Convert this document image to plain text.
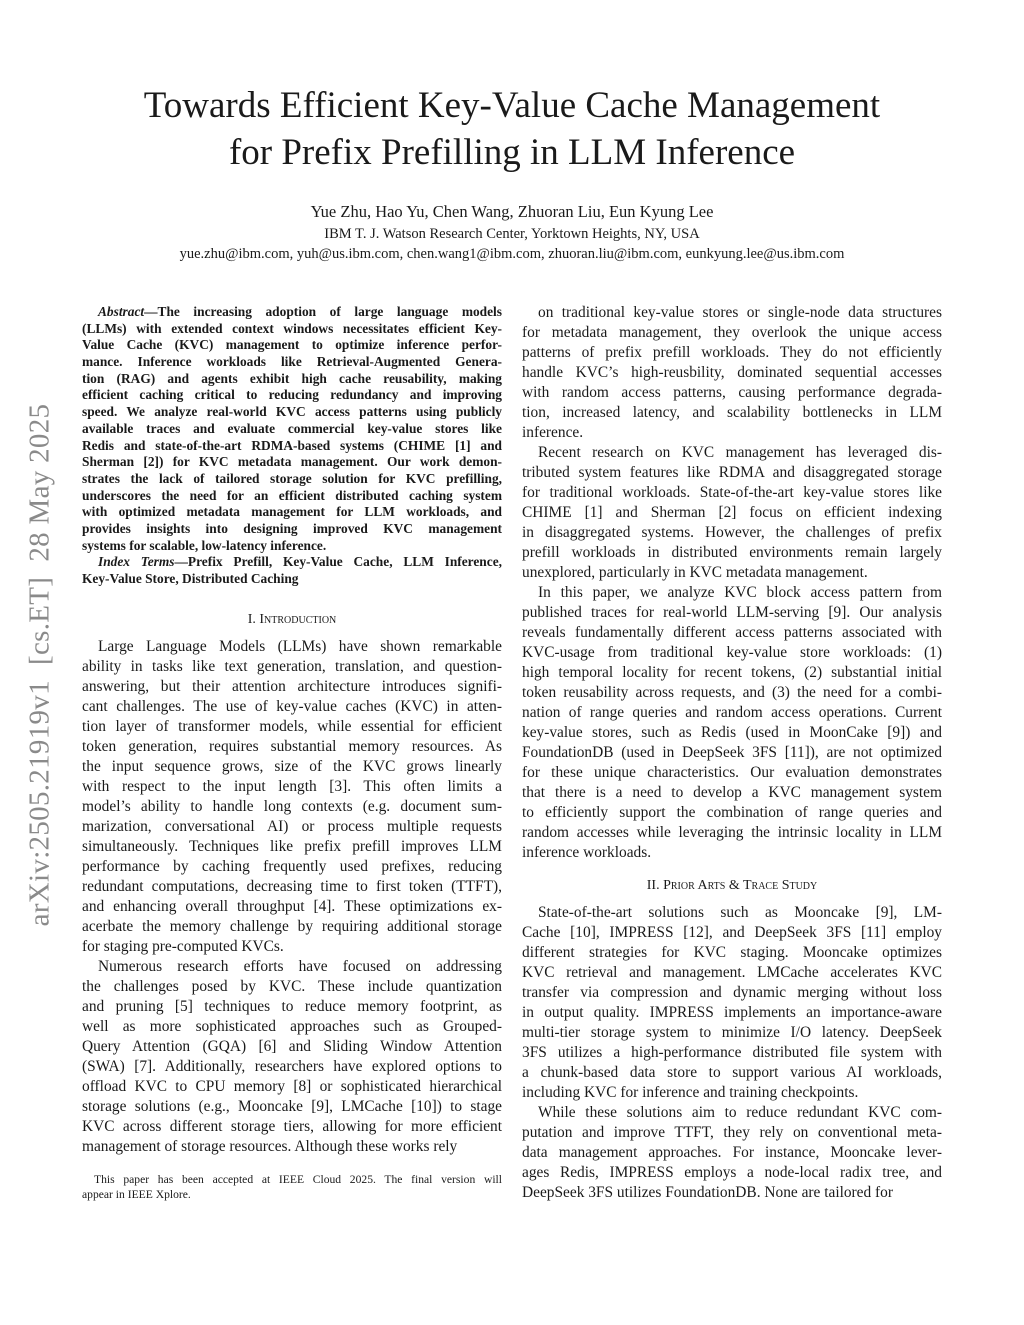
Towards Efficient Key-Value Cache Management
for Prefix Prefilling in LLM Inference
Yue Zhu, Hao Yu, Chen Wang, Zhuoran Liu, Eun Kyung Lee
IBM T. J. Watson Research Center, Yorktown Heights, NY, USA
yue.zhu@ibm.com, yuh@us.ibm.com, chen.wang1@ibm.com, zhuoran.liu@ibm.com, eunkyung.lee@us.ibm.com
arXiv:2505.21919v1  [cs.ET]  28 May 2025
Abstract—The increasing adoption of large language models
(LLMs) with extended context windows necessitates efficient Key-
Value Cache (KVC) management to optimize inference perfor-
mance. Inference workloads like Retrieval-Augmented Genera-
tion (RAG) and agents exhibit high cache reusability, making
efficient caching critical to reducing redundancy and improving
speed. We analyze real-world KVC access patterns using publicly
available traces and evaluate commercial key-value stores like
Redis and state-of-the-art RDMA-based systems (CHIME [1] and
Sherman [2]) for KVC metadata management. Our work demon-
strates the lack of tailored storage solution for KVC prefilling,
underscores the need for an efficient distributed caching system
with optimized metadata management for LLM workloads, and
provides insights into designing improved KVC management
systems for scalable, low-latency inference.
Index Terms—Prefix Prefill, Key-Value Cache, LLM Inference,
Key-Value Store, Distributed Caching
I. Introduction
Large Language Models (LLMs) have shown remarkable
ability in tasks like text generation, translation, and question-
answering, but their attention architecture introduces signifi-
cant challenges. The use of key-value caches (KVC) in atten-
tion layer of transformer models, while essential for efficient
token generation, requires substantial memory resources. As
the input sequence grows, size of the KVC grows linearly
with respect to the input length [3]. This often limits a
model’s ability to handle long contexts (e.g. document sum-
marization, conversational AI) or process multiple requests
simultaneously. Techniques like prefix prefill improves LLM
performance by caching frequently used prefixes, reducing
redundant computations, decreasing time to first token (TTFT),
and enhancing overall throughput [4]. These optimizations ex-
acerbate the memory challenge by requiring additional storage
for staging pre-computed KVCs.
Numerous research efforts have focused on addressing
the challenges posed by KVC. These include quantization
and pruning [5] techniques to reduce memory footprint, as
well as more sophisticated approaches such as Grouped-
Query Attention (GQA) [6] and Sliding Window Attention
(SWA) [7]. Additionally, researchers have explored options to
offload KVC to CPU memory [8] or sophisticated hierarchical
storage solutions (e.g., Mooncake [9], LMCache [10]) to stage
KVC across different storage tiers, allowing for more efficient
management of storage resources. Although these works rely
This paper has been accepted at IEEE Cloud 2025. The final version will
appear in IEEE Xplore.
on traditional key-value stores or single-node data structures
for metadata management, they overlook the unique access
patterns of prefix prefill workloads. They do not efficiently
handle KVC’s high-reusbility, dominated sequential accesses
with random access patterns, causing performance degrada-
tion, increased latency, and scalability bottlenecks in LLM
inference.
Recent research on KVC management has leveraged dis-
tributed system features like RDMA and disaggregated storage
for traditional workloads. State-of-the-art key-value stores like
CHIME [1] and Sherman [2] focus on efficient indexing
in disaggregated systems. However, the challenges of prefix
prefill workloads in distributed environments remain largely
unexplored, particularly in KVC metadata management.
In this paper, we analyze KVC block access pattern from
published traces for real-world LLM-serving [9]. Our analysis
reveals fundamentally different access patterns associated with
KVC-usage from traditional key-value store workloads: (1)
high temporal locality for recent tokens, (2) substantial initial
token reusability across requests, and (3) the need for a combi-
nation of range queries and random access operations. Current
key-value stores, such as Redis (used in MoonCake [9]) and
FoundationDB (used in DeepSeek 3FS [11]), are not optimized
for these unique characteristics. Our evaluation demonstrates
that there is a need to develop a KVC management system
to efficiently support the combination of range queries and
random accesses while leveraging the intrinsic locality in LLM
inference workloads.
II. Prior Arts & Trace Study
State-of-the-art solutions such as Mooncake [9], LM-
Cache [10], IMPRESS [12], and DeepSeek 3FS [11] employ
different strategies for KVC staging. Mooncake optimizes
KVC retrieval and management. LMCache accelerates KVC
transfer via compression and dynamic merging without loss
in output quality. IMPRESS implements an importance-aware
multi-tier storage system to minimize I/O latency. DeepSeek
3FS utilizes a high-performance distributed file system with
a chunk-based data store to support various AI workloads,
including KVC for inference and training checkpoints.
While these solutions aim to reduce redundant KVC com-
putation and improve TTFT, they rely on conventional meta-
data management approaches. For instance, Mooncake lever-
ages Redis, IMPRESS employs a node-local radix tree, and
DeepSeek 3FS utilizes FoundationDB. None are tailored for
